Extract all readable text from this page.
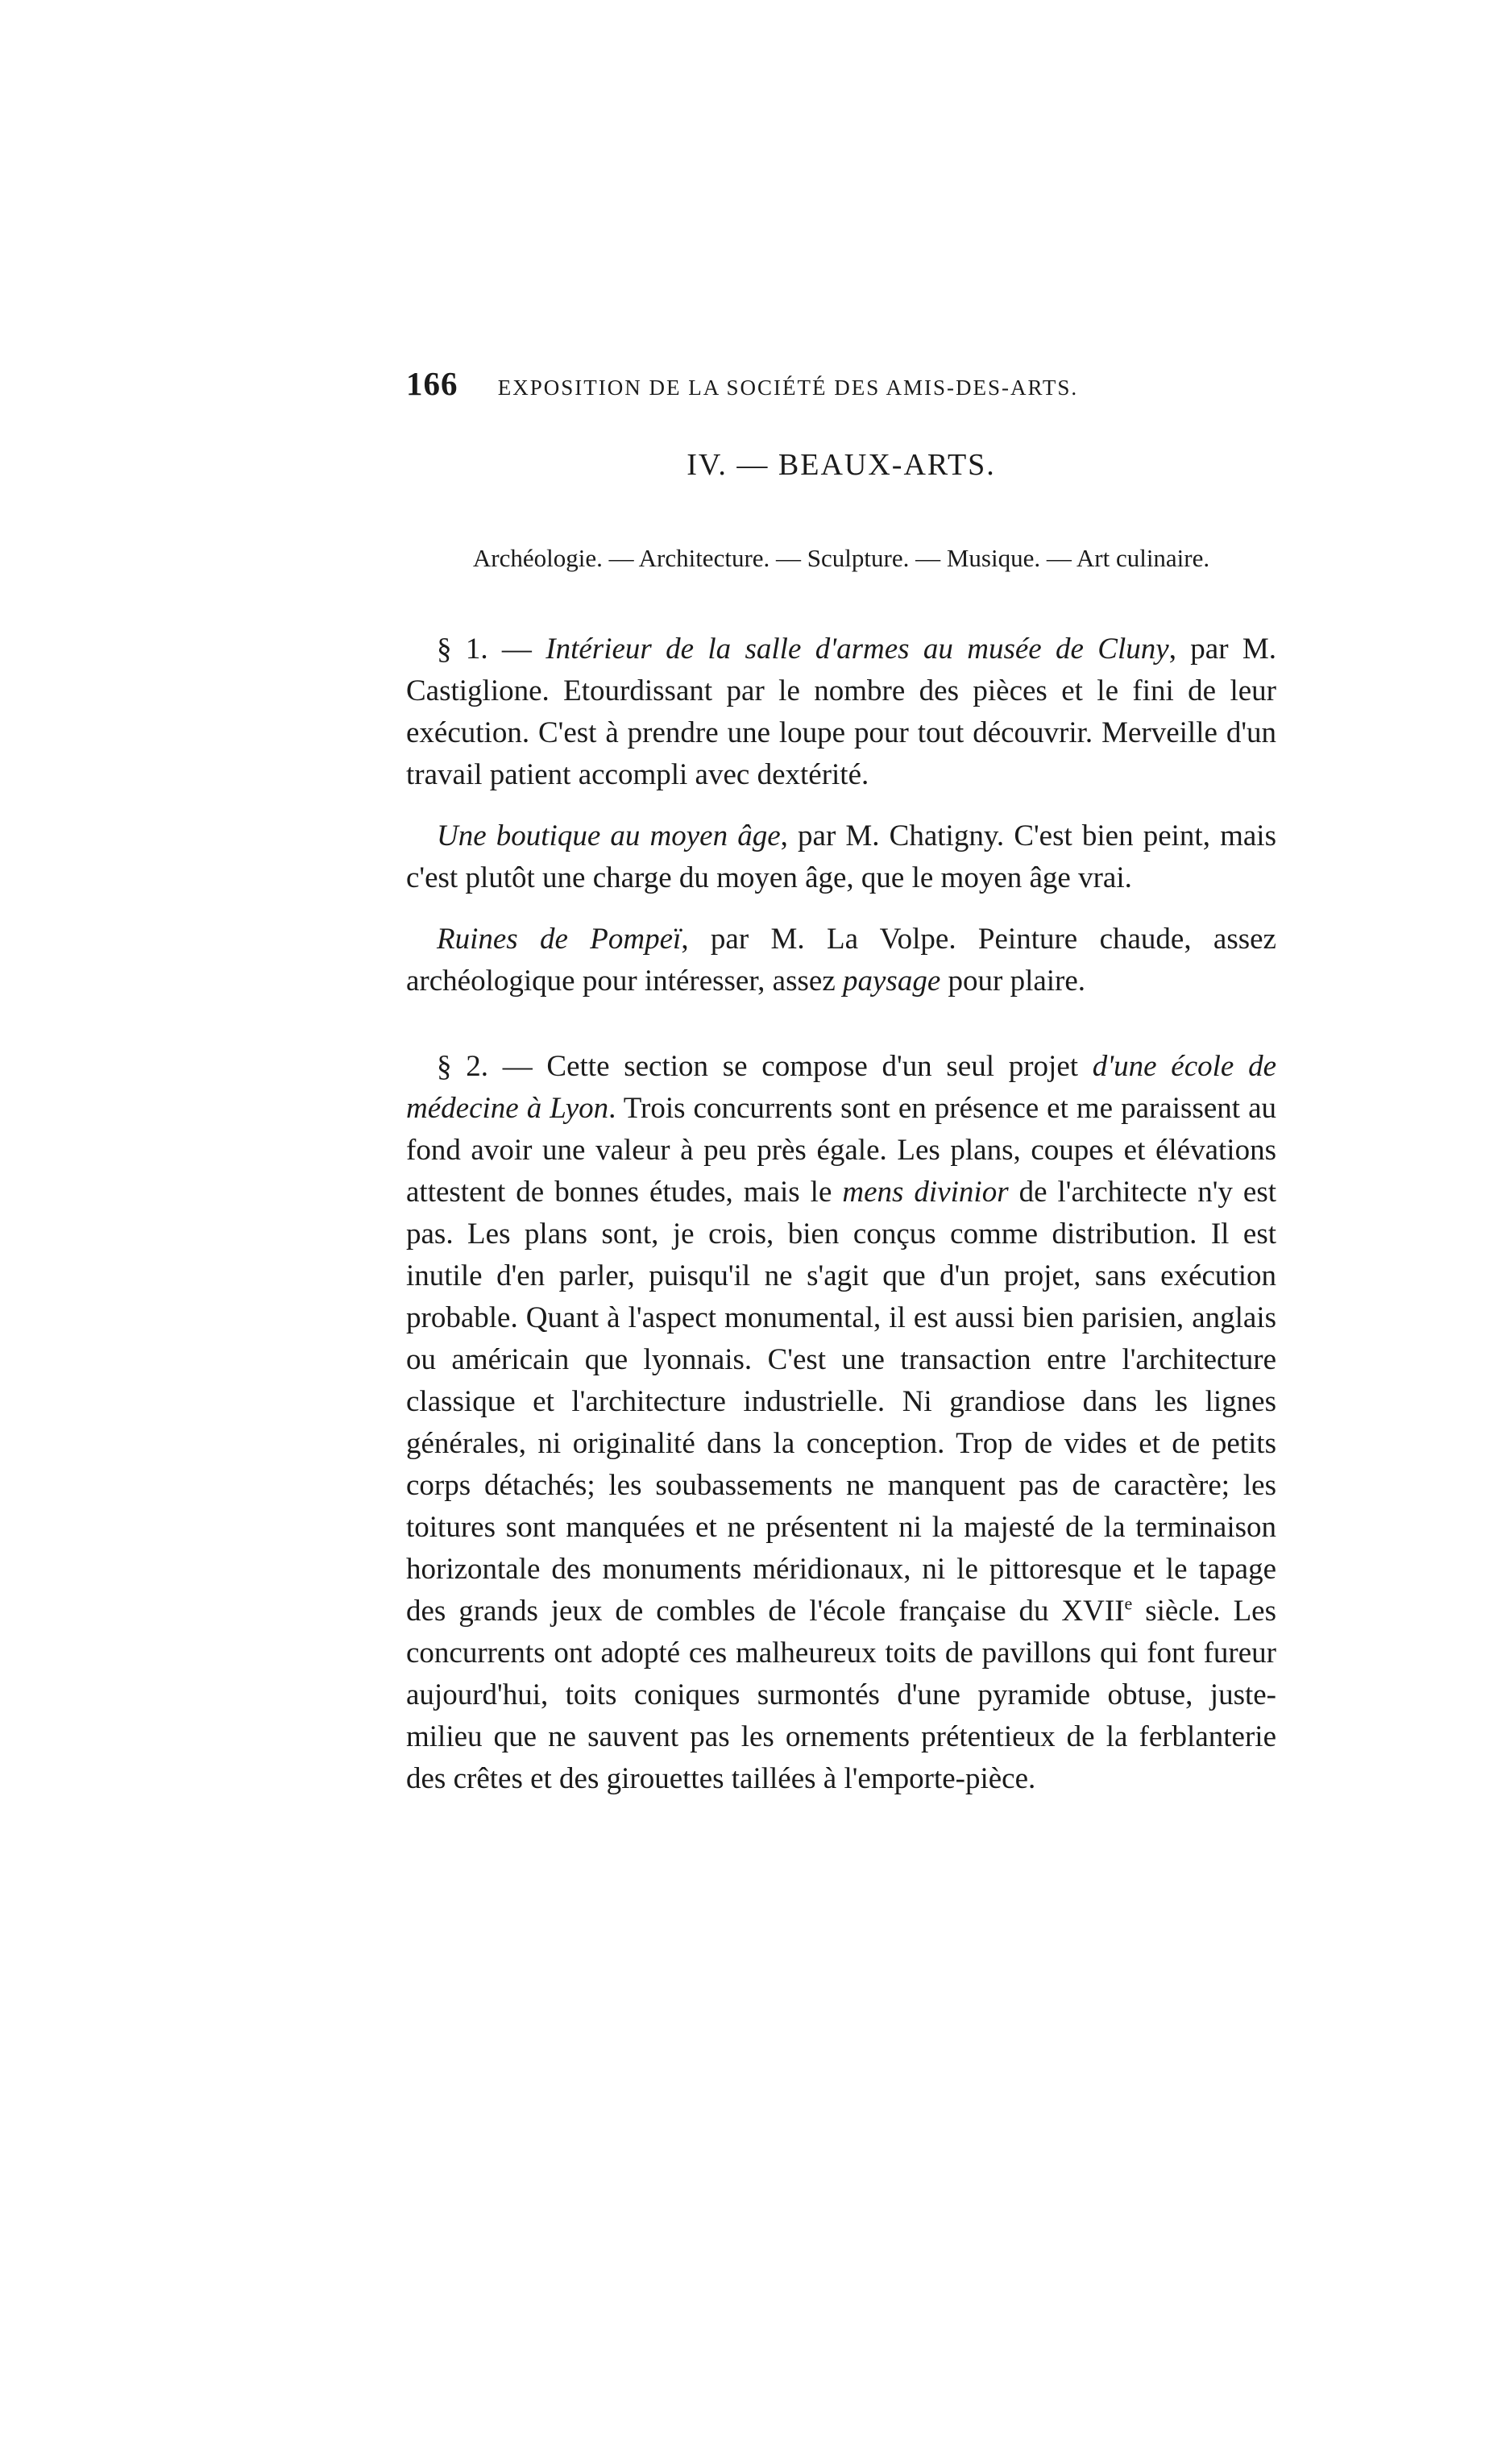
166 EXPOSITION DE LA SOCIÉTÉ DES AMIS-DES-ARTS.
IV. — BEAUX-ARTS.
Archéologie. — Architecture. — Sculpture. — Musique. — Art culinaire.

§ 1. — Intérieur de la salle d'armes au musée de Cluny, par M. Castiglione. Etourdissant par le nombre des pièces et le fini de leur exécution. C'est à prendre une loupe pour tout découvrir. Merveille d'un travail patient accompli avec dextérité.

Une boutique au moyen âge, par M. Chatigny. C'est bien peint, mais c'est plutôt une charge du moyen âge, que le moyen âge vrai.

Ruines de Pompeï, par M. La Volpe. Peinture chaude, assez archéologique pour intéresser, assez paysage pour plaire.

§ 2. — Cette section se compose d'un seul projet d'une école de médecine à Lyon. Trois concurrents sont en présence et me paraissent au fond avoir une valeur à peu près égale. Les plans, coupes et élévations attestent de bonnes études, mais le mens divinior de l'architecte n'y est pas. Les plans sont, je crois, bien conçus comme distribution. Il est inutile d'en parler, puisqu'il ne s'agit que d'un projet, sans exécution probable. Quant à l'aspect monumental, il est aussi bien parisien, anglais ou américain que lyonnais. C'est une transaction entre l'architecture classique et l'architecture industrielle. Ni grandiose dans les lignes générales, ni originalité dans la conception. Trop de vides et de petits corps détachés; les soubassements ne manquent pas de caractère; les toitures sont manquées et ne présentent ni la majesté de la terminaison horizontale des monuments méridionaux, ni le pittoresque et le tapage des grands jeux de combles de l'école française du XVIIe siècle. Les concurrents ont adopté ces malheureux toits de pavillons qui font fureur aujourd'hui, toits coniques surmontés d'une pyramide obtuse, juste-milieu que ne sauvent pas les ornements prétentieux de la ferblanterie des crêtes et des girouettes taillées à l'emporte-pièce.
